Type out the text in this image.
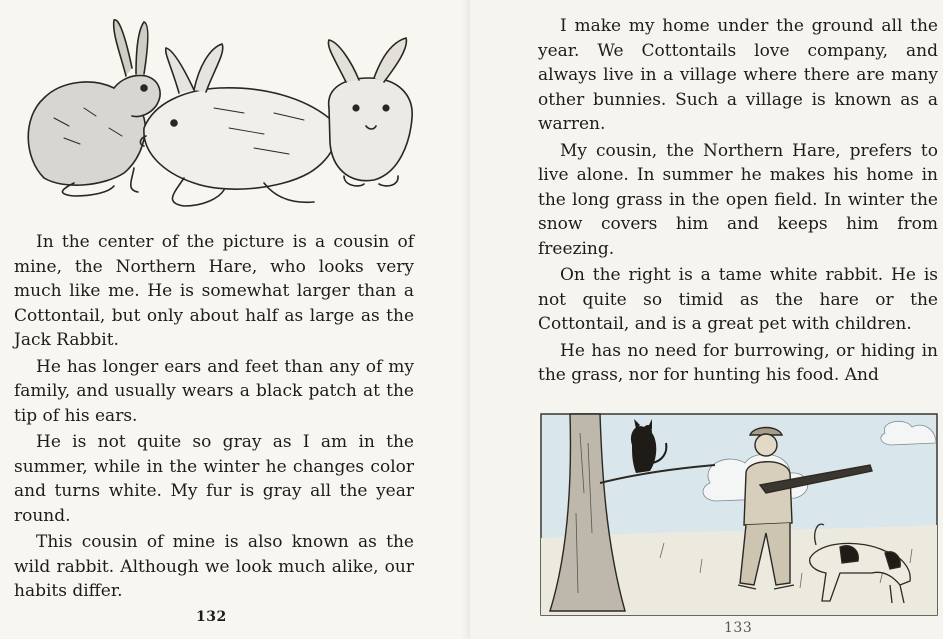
In the center of the picture is a cousin of mine, the Northern Hare, who looks very much like me. He is somewhat larger than a Cottontail, but only about half as large as the Jack Rabbit.

He has longer ears and feet than any of my family, and usually wears a black patch at the tip of his ears.

He is not quite so gray as I am in the summer, while in the winter he changes color and turns white. My fur is gray all the year round.

This cousin of mine is also known as the wild rabbit. Although we look much alike, our habits differ.

132

I make my home under the ground all the year. We Cottontails love company, and always live in a village where there are many other bunnies. Such a village is known as a warren.

My cousin, the Northern Hare, prefers to live alone. In summer he makes his home in the long grass in the open field. In winter the snow covers him and keeps him from freezing.

On the right is a tame white rabbit. He is not quite so timid as the hare or the Cottontail, and is a great pet with children.

He has no need for burrowing, or hiding in the grass, nor for hunting his food. And

133
